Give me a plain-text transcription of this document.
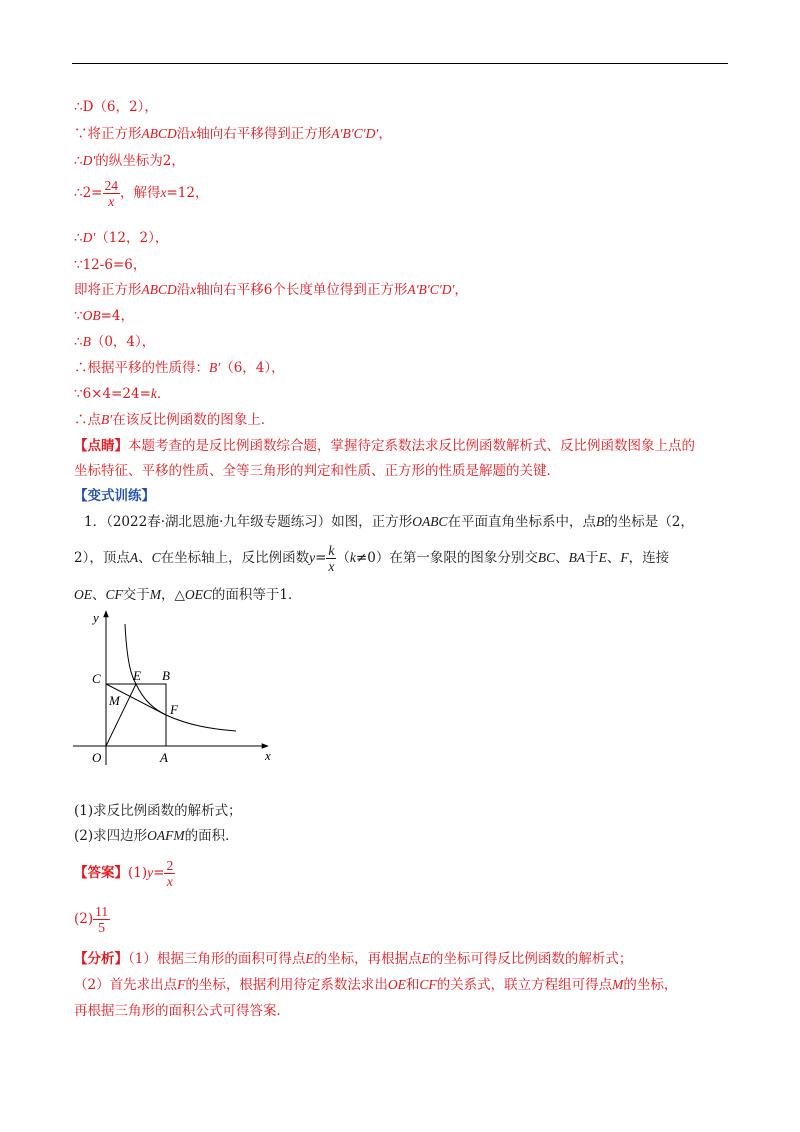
∴D（6，2），
∵将正方形ABCD沿x轴向右平移得到正方形A′B′C′D′，
∴D′的纵坐标为2，
∴2= $\frac{24}{x}$ ，解得x=12，
∴D′（12，2），
∵12-6=6，
即将正方形ABCD沿x轴向右平移6个长度单位得到正方形A′B′C′D′，
∵OB=4，
∴B（0，4），
∴根据平移的性质得：B′（6，4），
∵6×4=24=k．
∴点B′在该反比例函数的图象上．
【点睛】本题考查的是反比例函数综合题，掌握待定系数法求反比例函数解析式、反比例函数图象上点的
坐标特征、平移的性质、全等三角形的判定和性质、正方形的性质是解题的关键．
【变式训练】
1．（2022春·湖北恩施·九年级专题练习）如图，正方形OABC在平面直角坐标系中，点B的坐标是（2，
2），顶点A、C在坐标轴上，反比例函数$y= \frac{k}{x} (k\ne 0)$在第一象限的图象分别交BC、BA于E、F，连接
OE、CF交于M，△OEC的面积等于1．
y
x
O	A
C E B
M
F
(1)求反比例函数的解析式；
(2)求四边形OAFM的面积．
【答案】$(1)y= \frac{2}{x}$
$(2) \frac{11}{5}$
【分析】（1）根据三角形的面积可得点E的坐标，再根据点E的坐标可得反比例函数的解析式；
（2）首先求出点F的坐标，根据利用待定系数法求出OE和CF的关系式，联立方程组可得点M的坐标，
再根据三角形的面积公式可得答案．
